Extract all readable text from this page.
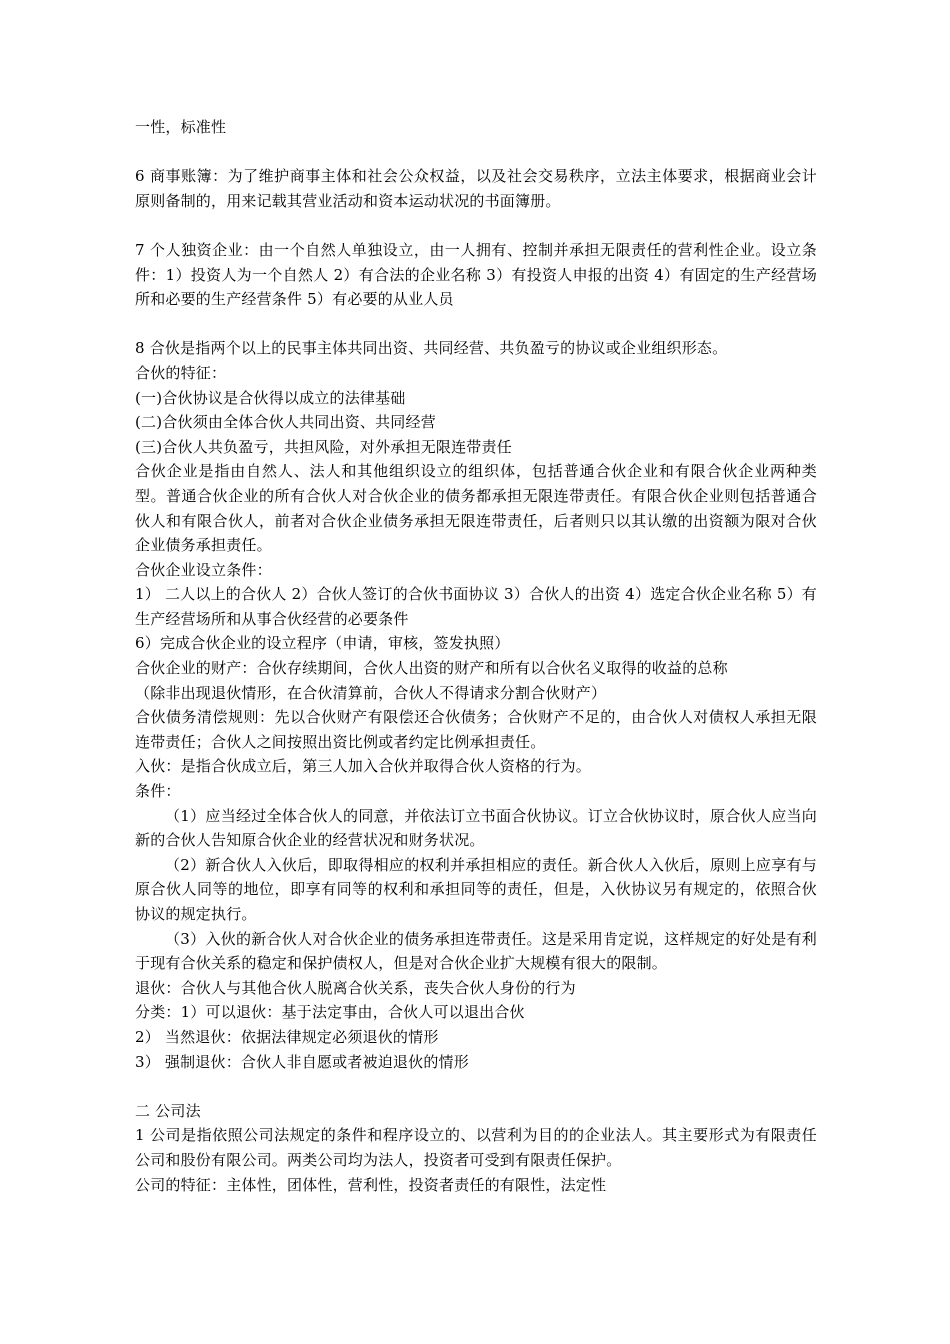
一性，标准性

6 商事账簿：为了维护商事主体和社会公众权益，以及社会交易秩序，立法主体要求，根据商业会计原则备制的，用来记载其营业活动和资本运动状况的书面簿册。

7 个人独资企业：由一个自然人单独设立，由一人拥有、控制并承担无限责任的营利性企业。设立条件：1）投资人为一个自然人 2）有合法的企业名称 3）有投资人申报的出资 4）有固定的生产经营场所和必要的生产经营条件 5）有必要的从业人员

8 合伙是指两个以上的民事主体共同出资、共同经营、共负盈亏的协议或企业组织形态。

合伙的特征：

(一)合伙协议是合伙得以成立的法律基础

(二)合伙须由全体合伙人共同出资、共同经营

(三)合伙人共负盈亏，共担风险，对外承担无限连带责任

合伙企业是指由自然人、法人和其他组织设立的组织体，包括普通合伙企业和有限合伙企业两种类型。普通合伙企业的所有合伙人对合伙企业的债务都承担无限连带责任。有限合伙企业则包括普通合伙人和有限合伙人，前者对合伙企业债务承担无限连带责任，后者则只以其认缴的出资额为限对合伙企业债务承担责任。

合伙企业设立条件：

1） 二人以上的合伙人 2）合伙人签订的合伙书面协议 3）合伙人的出资 4）选定合伙企业名称 5）有生产经营场所和从事合伙经营的必要条件

6）完成合伙企业的设立程序（申请，审核，签发执照）

合伙企业的财产：合伙存续期间，合伙人出资的财产和所有以合伙名义取得的收益的总称

（除非出现退伙情形，在合伙清算前，合伙人不得请求分割合伙财产）

合伙债务清偿规则：先以合伙财产有限偿还合伙债务；合伙财产不足的，由合伙人对债权人承担无限连带责任；合伙人之间按照出资比例或者约定比例承担责任。

入伙：是指合伙成立后，第三人加入合伙并取得合伙人资格的行为。

条件：

（1）应当经过全体合伙人的同意，并依法订立书面合伙协议。订立合伙协议时，原合伙人应当向新的合伙人告知原合伙企业的经营状况和财务状况。

（2）新合伙人入伙后，即取得相应的权利并承担相应的责任。新合伙人入伙后，原则上应享有与原合伙人同等的地位，即享有同等的权利和承担同等的责任，但是，入伙协议另有规定的，依照合伙协议的规定执行。

（3）入伙的新合伙人对合伙企业的债务承担连带责任。这是采用肯定说，这样规定的好处是有利于现有合伙关系的稳定和保护债权人，但是对合伙企业扩大规模有很大的限制。

退伙：合伙人与其他合伙人脱离合伙关系，丧失合伙人身份的行为

分类：1）可以退伙：基于法定事由，合伙人可以退出合伙

2） 当然退伙：依据法律规定必须退伙的情形

3） 强制退伙：合伙人非自愿或者被迫退伙的情形

二 公司法

1 公司是指依照公司法规定的条件和程序设立的、以营利为目的的企业法人。其主要形式为有限责任公司和股份有限公司。两类公司均为法人，投资者可受到有限责任保护。

公司的特征：主体性，团体性，营利性，投资者责任的有限性，法定性
